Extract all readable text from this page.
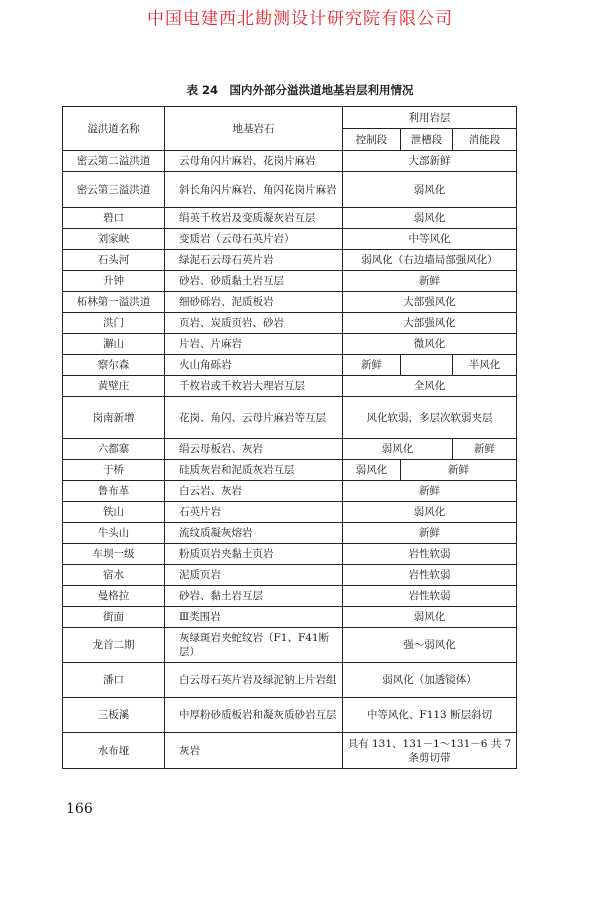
中国电建西北勘测设计研究院有限公司
表 24　国内外部分溢洪道地基岩层利用情况
溢洪道名称	地基岩石	利用岩层		
		控制段	泄槽段	消能段
密云第二溢洪道	云母角闪片麻岩、花岗片麻岩	大部新鲜		
密云第三溢洪道	斜长角闪片麻岩、角闪花岗片麻岩	弱风化		
碧口	绢英千枚岩及变质凝灰岩互层	弱风化		
刘家峡	变质岩（云母石英片岩）	中等风化		
石头河	绿泥石云母石英片岩	弱风化（右边墙局部强风化）		
升钟	砂岩、砂质黏土岩互层	新鲜		
柘林第一溢洪道	细砂砾岩、泥质板岩	大部强风化		
洪门	页岩、炭质页岩、砂岩	大部强风化		
澥山	片岩、片麻岩	微风化		
察尔森	火山角砾岩	新鲜		半风化
黄壁庄	千枚岩或千枚岩大理岩互层	全风化		
岗南新增	花岗、角闪、云母片麻岩等互层	风化软弱，多层次软弱夹层		
六都寨	绢云母板岩、灰岩	弱风化		新鲜
于桥	硅质灰岩和泥质灰岩互层	弱风化	新鲜	
鲁布革	白云岩、灰岩	新鲜		
铁山	石英片岩	弱风化		
牛头山	流纹质凝灰熔岩	新鲜		
车坝一级	粉质页岩夹黏土页岩	岩性软弱		
宿水	泥质页岩	岩性软弱		
曼格拉	砂岩、黏土岩互层	岩性软弱		
街面	Ⅲ类围岩	弱风化		
龙首二期	灰绿斑岩夹蛇纹岩（F1、F41断层）	强～弱风化		
潘口	白云母石英片岩及绿泥钠上片岩组	弱风化（加透镜体）		
三板溪	中厚粉砂质板岩和凝灰质砂岩互层	中等风化、F113 断层斜切		
水布垭	灰岩	具有 131、131－1～131－6 共 7 条剪切带		
166
